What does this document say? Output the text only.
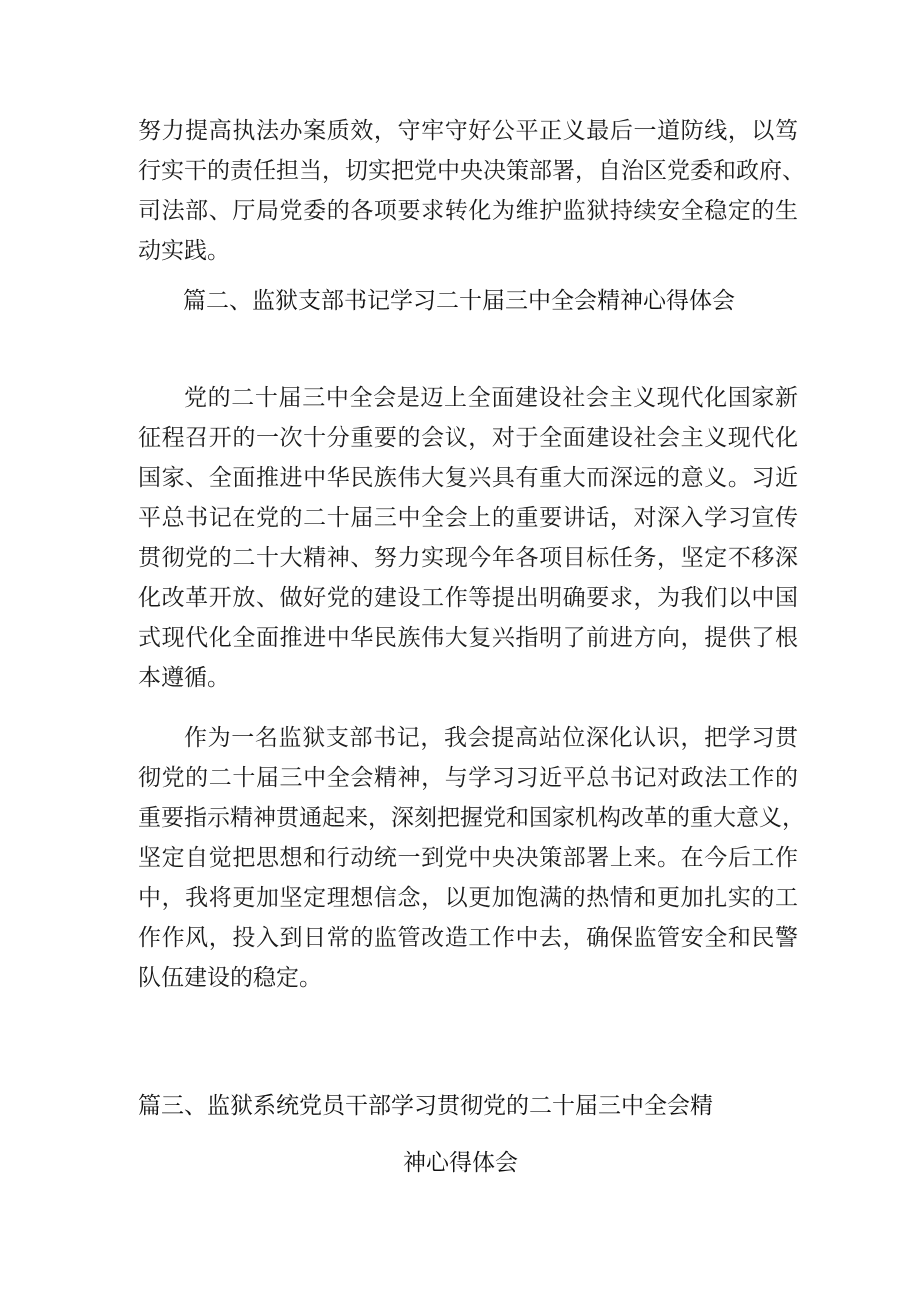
努力提高执法办案质效，守牢守好公平正义最后一道防线，以笃
行实干的责任担当，切实把党中央决策部署，自治区党委和政府、
司法部、厅局党委的各项要求转化为维护监狱持续安全稳定的生
动实践。
篇二、监狱支部书记学习二十届三中全会精神心得体会
党的二十届三中全会是迈上全面建设社会主义现代化国家新
征程召开的一次十分重要的会议，对于全面建设社会主义现代化
国家、全面推进中华民族伟大复兴具有重大而深远的意义。习近
平总书记在党的二十届三中全会上的重要讲话，对深入学习宣传
贯彻党的二十大精神、努力实现今年各项目标任务，坚定不移深
化改革开放、做好党的建设工作等提出明确要求，为我们以中国
式现代化全面推进中华民族伟大复兴指明了前进方向，提供了根
本遵循。
作为一名监狱支部书记，我会提高站位深化认识，把学习贯
彻党的二十届三中全会精神，与学习习近平总书记对政法工作的
重要指示精神贯通起来，深刻把握党和国家机构改革的重大意义，
坚定自觉把思想和行动统一到党中央决策部署上来。在今后工作
中，我将更加坚定理想信念，以更加饱满的热情和更加扎实的工
作作风，投入到日常的监管改造工作中去，确保监管安全和民警
队伍建设的稳定。
篇三、监狱系统党员干部学习贯彻党的二十届三中全会精
神心得体会
